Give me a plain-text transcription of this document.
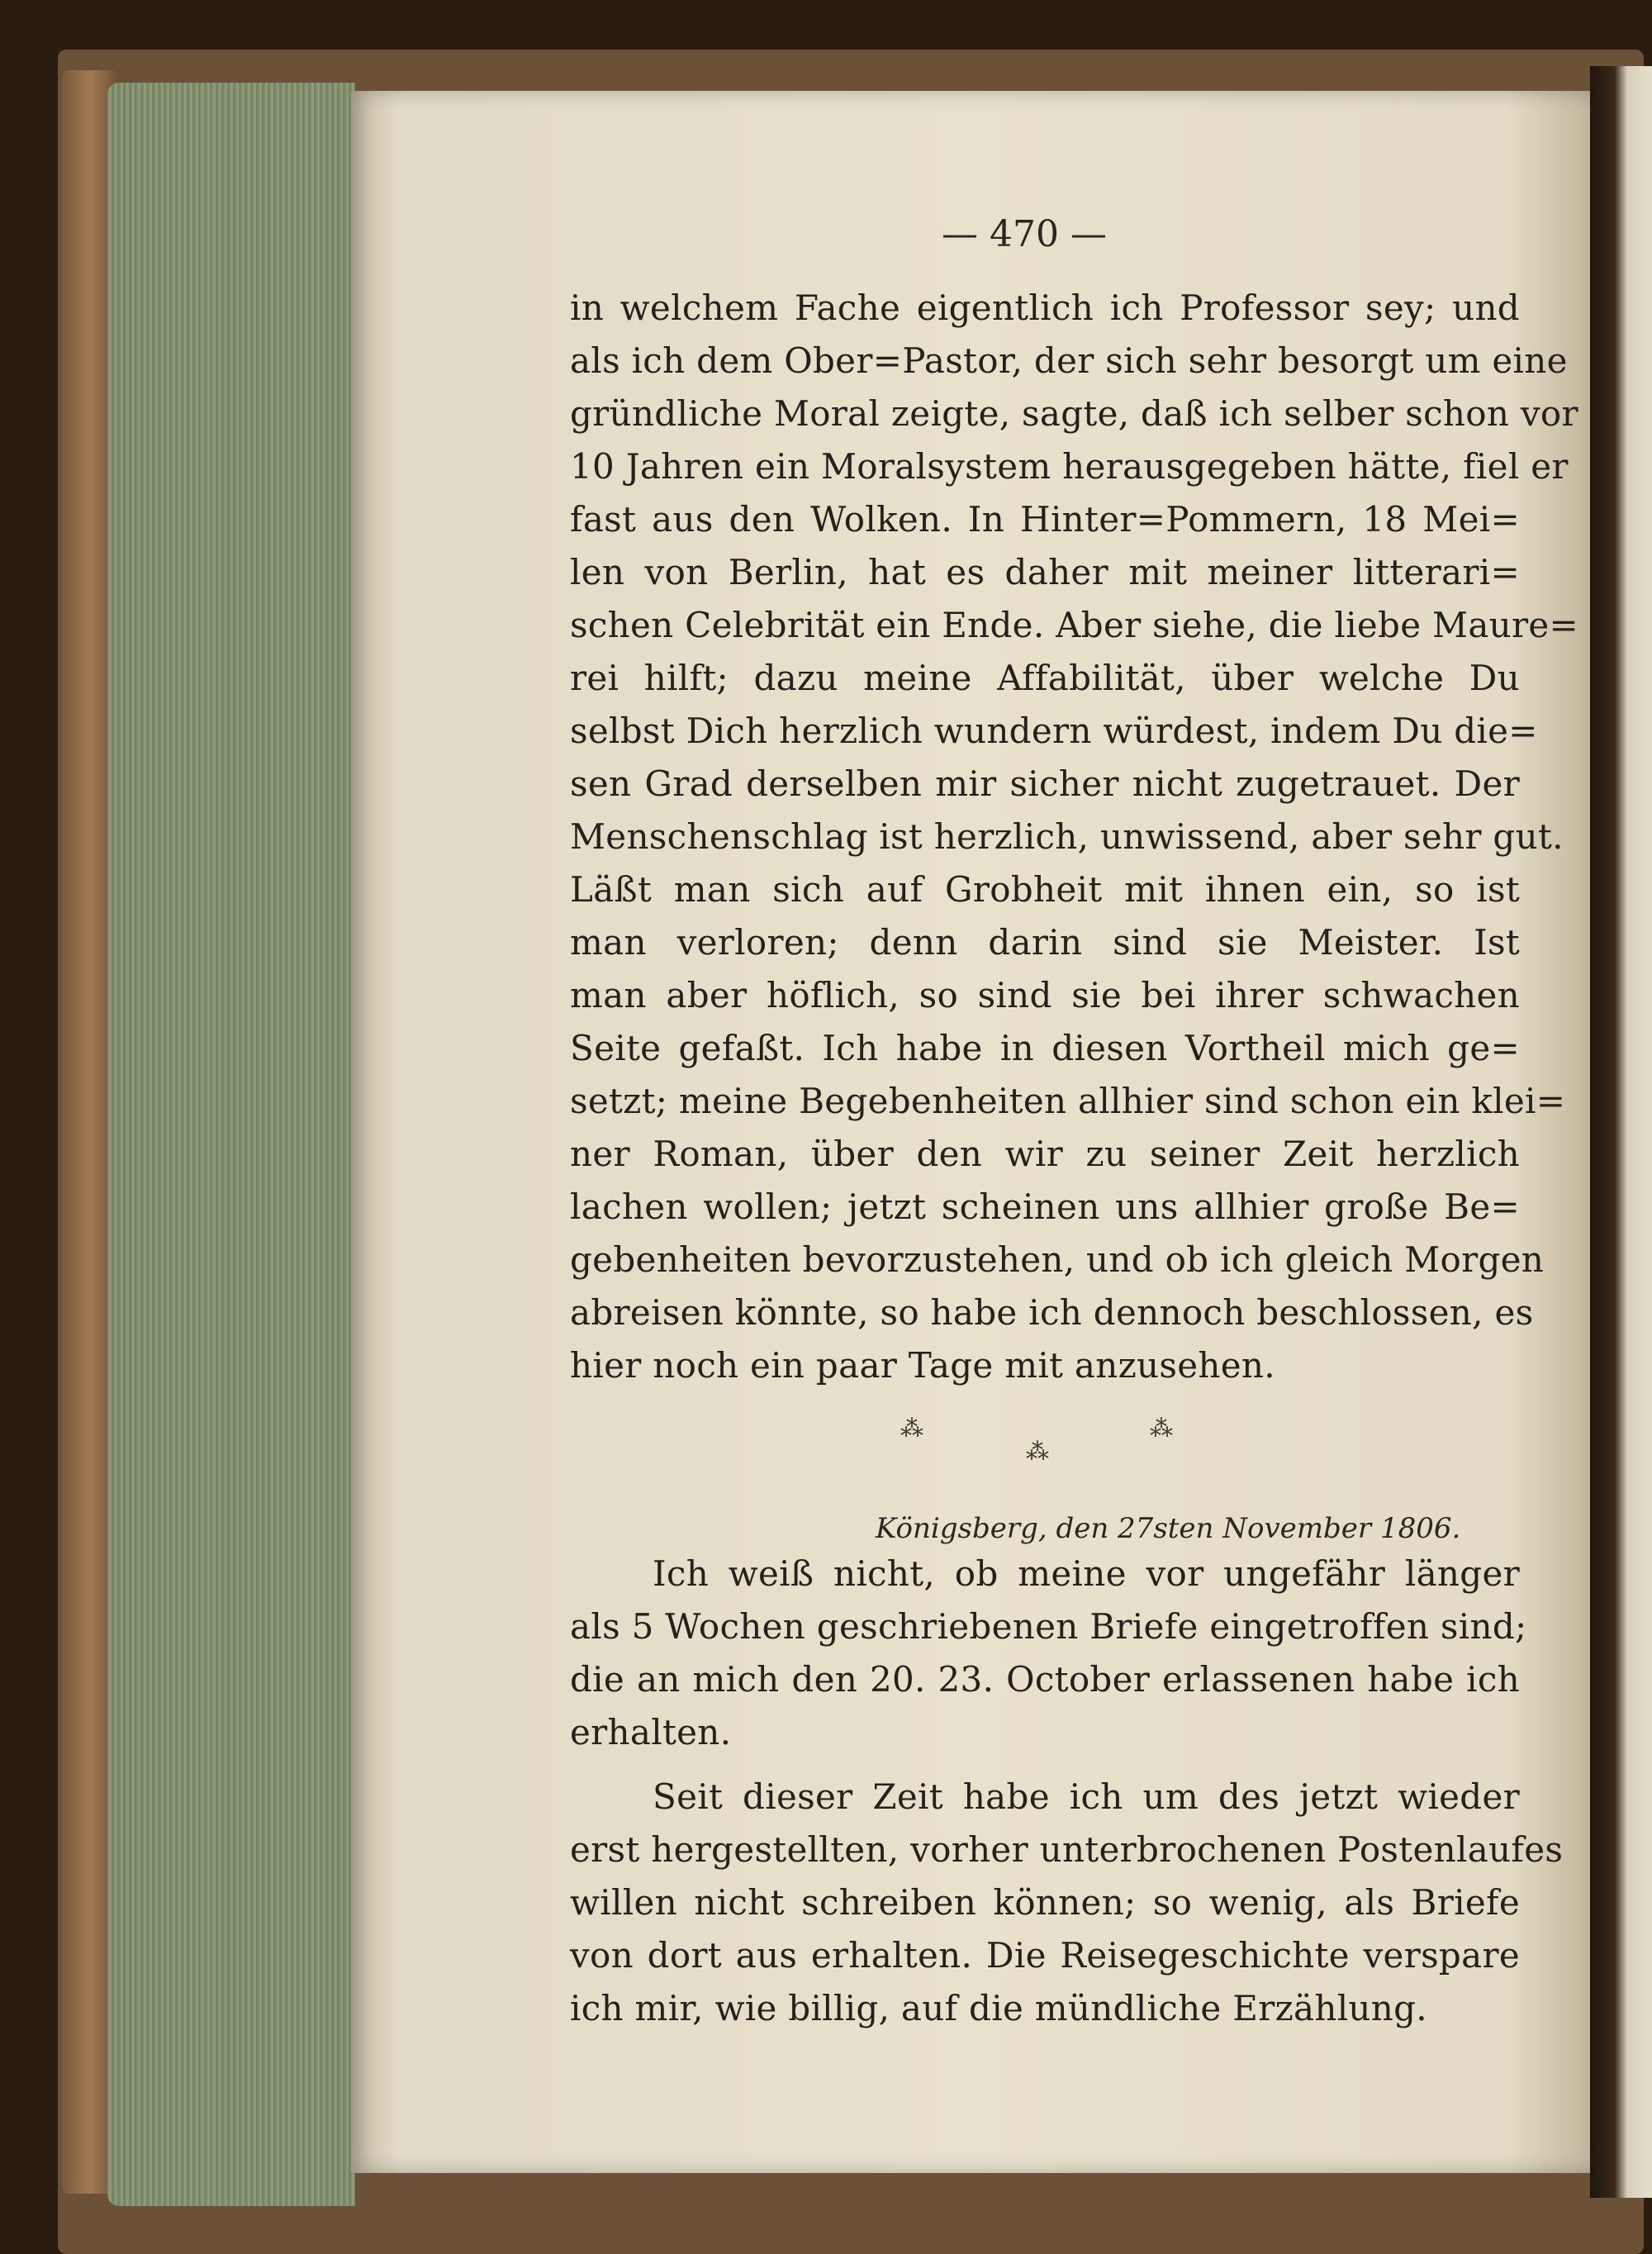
— 470 —
in welchem Fache eigentlich ich Professor sey; und
als ich dem Ober=Pastor, der sich sehr besorgt um eine
gründliche Moral zeigte, sagte, daß ich selber schon vor
10 Jahren ein Moralsystem herausgegeben hätte, fiel er
fast aus den Wolken. In Hinter=Pommern, 18 Mei=
len von Berlin, hat es daher mit meiner litterari=
schen Celebrität ein Ende. Aber siehe, die liebe Maure=
rei hilft; dazu meine Affabilität, über welche Du
selbst Dich herzlich wundern würdest, indem Du die=
sen Grad derselben mir sicher nicht zugetrauet. Der
Menschenschlag ist herzlich, unwissend, aber sehr gut.
Läßt man sich auf Grobheit mit ihnen ein, so ist
man verloren; denn darin sind sie Meister. Ist
man aber höflich, so sind sie bei ihrer schwachen
Seite gefaßt. Ich habe in diesen Vortheil mich ge=
setzt; meine Begebenheiten allhier sind schon ein klei=
ner Roman, über den wir zu seiner Zeit herzlich
lachen wollen; jetzt scheinen uns allhier große Be=
gebenheiten bevorzustehen, und ob ich gleich Morgen
abreisen könnte, so habe ich dennoch beschlossen, es
hier noch ein paar Tage mit anzusehen.
Ich weiß nicht, ob meine vor ungefähr länger
als 5 Wochen geschriebenen Briefe eingetroffen sind;
die an mich den 20. 23. October erlassenen habe ich
erhalten.
Seit dieser Zeit habe ich um des jetzt wieder
erst hergestellten, vorher unterbrochenen Postenlaufes
willen nicht schreiben können; so wenig, als Briefe
von dort aus erhalten. Die Reisegeschichte verspare
ich mir, wie billig, auf die mündliche Erzählung.
⁂
⁂
⁂
Königsberg, den 27sten November 1806.
